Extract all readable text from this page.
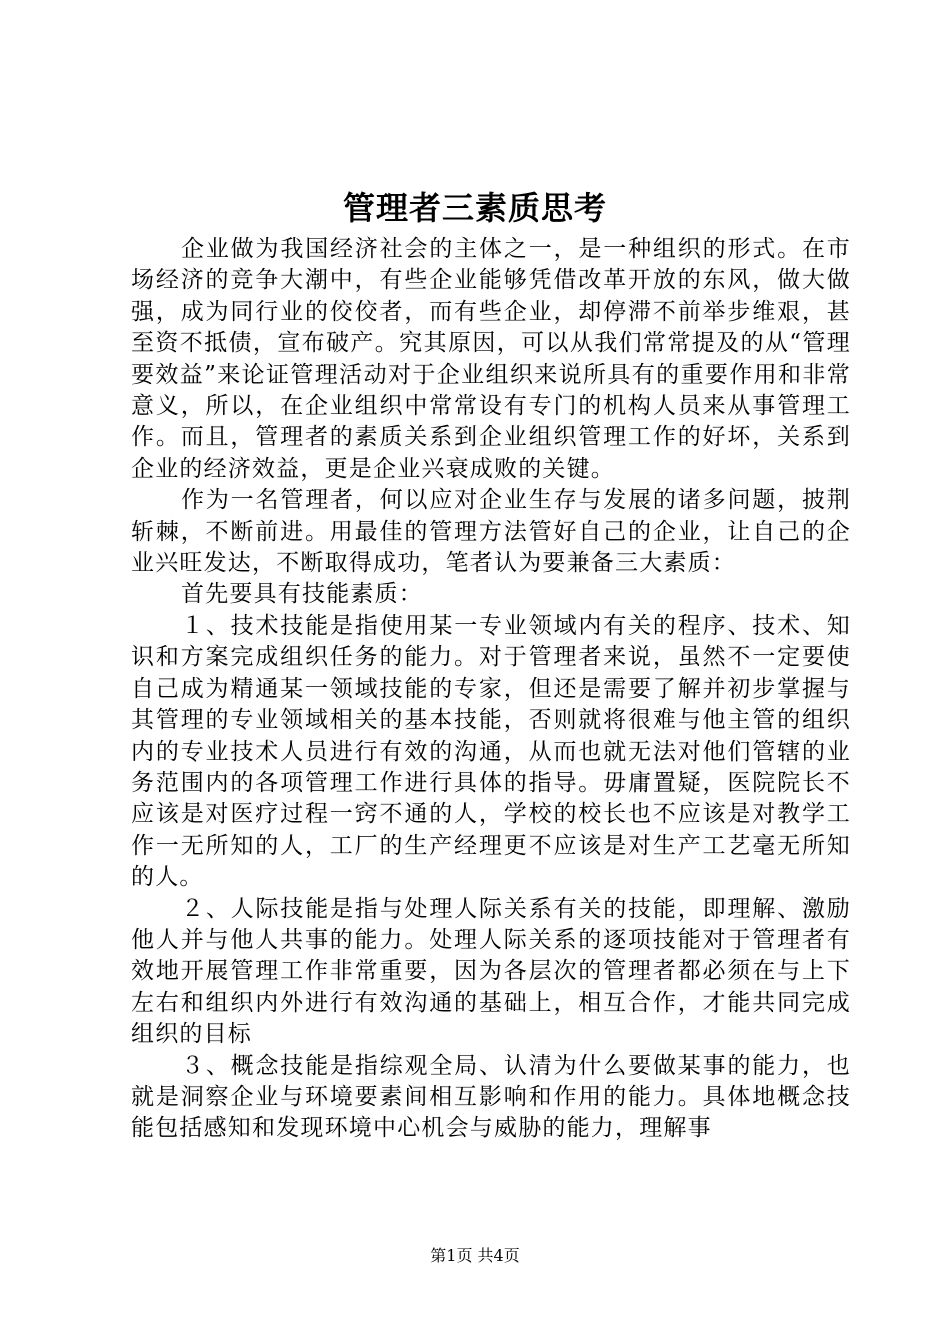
管理者三素质思考

企业做为我国经济社会的主体之一，是一种组织的形式。在市场经济的竞争大潮中，有些企业能够凭借改革开放的东风，做大做强，成为同行业的佼佼者，而有些企业，却停滞不前举步维艰，甚至资不抵债，宣布破产。究其原因，可以从我们常常提及的从“管理要效益”来论证管理活动对于企业组织来说所具有的重要作用和非常意义，所以，在企业组织中常常设有专门的机构人员来从事管理工作。而且，管理者的素质关系到企业组织管理工作的好坏，关系到企业的经济效益，更是企业兴衰成败的关键。

作为一名管理者，何以应对企业生存与发展的诸多问题，披荆斩棘，不断前进。用最佳的管理方法管好自己的企业，让自己的企业兴旺发达，不断取得成功，笔者认为要兼备三大素质：

首先要具有技能素质：

１、技术技能是指使用某一专业领域内有关的程序、技术、知识和方案完成组织任务的能力。对于管理者来说，虽然不一定要使自己成为精通某一领域技能的专家，但还是需要了解并初步掌握与其管理的专业领域相关的基本技能，否则就将很难与他主管的组织内的专业技术人员进行有效的沟通，从而也就无法对他们管辖的业务范围内的各项管理工作进行具体的指导。毋庸置疑，医院院长不应该是对医疗过程一窍不通的人，学校的校长也不应该是对教学工作一无所知的人，工厂的生产经理更不应该是对生产工艺毫无所知的人。

２、人际技能是指与处理人际关系有关的技能，即理解、激励他人并与他人共事的能力。处理人际关系的逐项技能对于管理者有效地开展管理工作非常重要，因为各层次的管理者都必须在与上下左右和组织内外进行有效沟通的基础上，相互合作，才能共同完成组织的目标

３、概念技能是指综观全局、认清为什么要做某事的能力，也就是洞察企业与环境要素间相互影响和作用的能力。具体地概念技能包括感知和发现环境中心机会与威胁的能力，理解事

第1页 共4页
